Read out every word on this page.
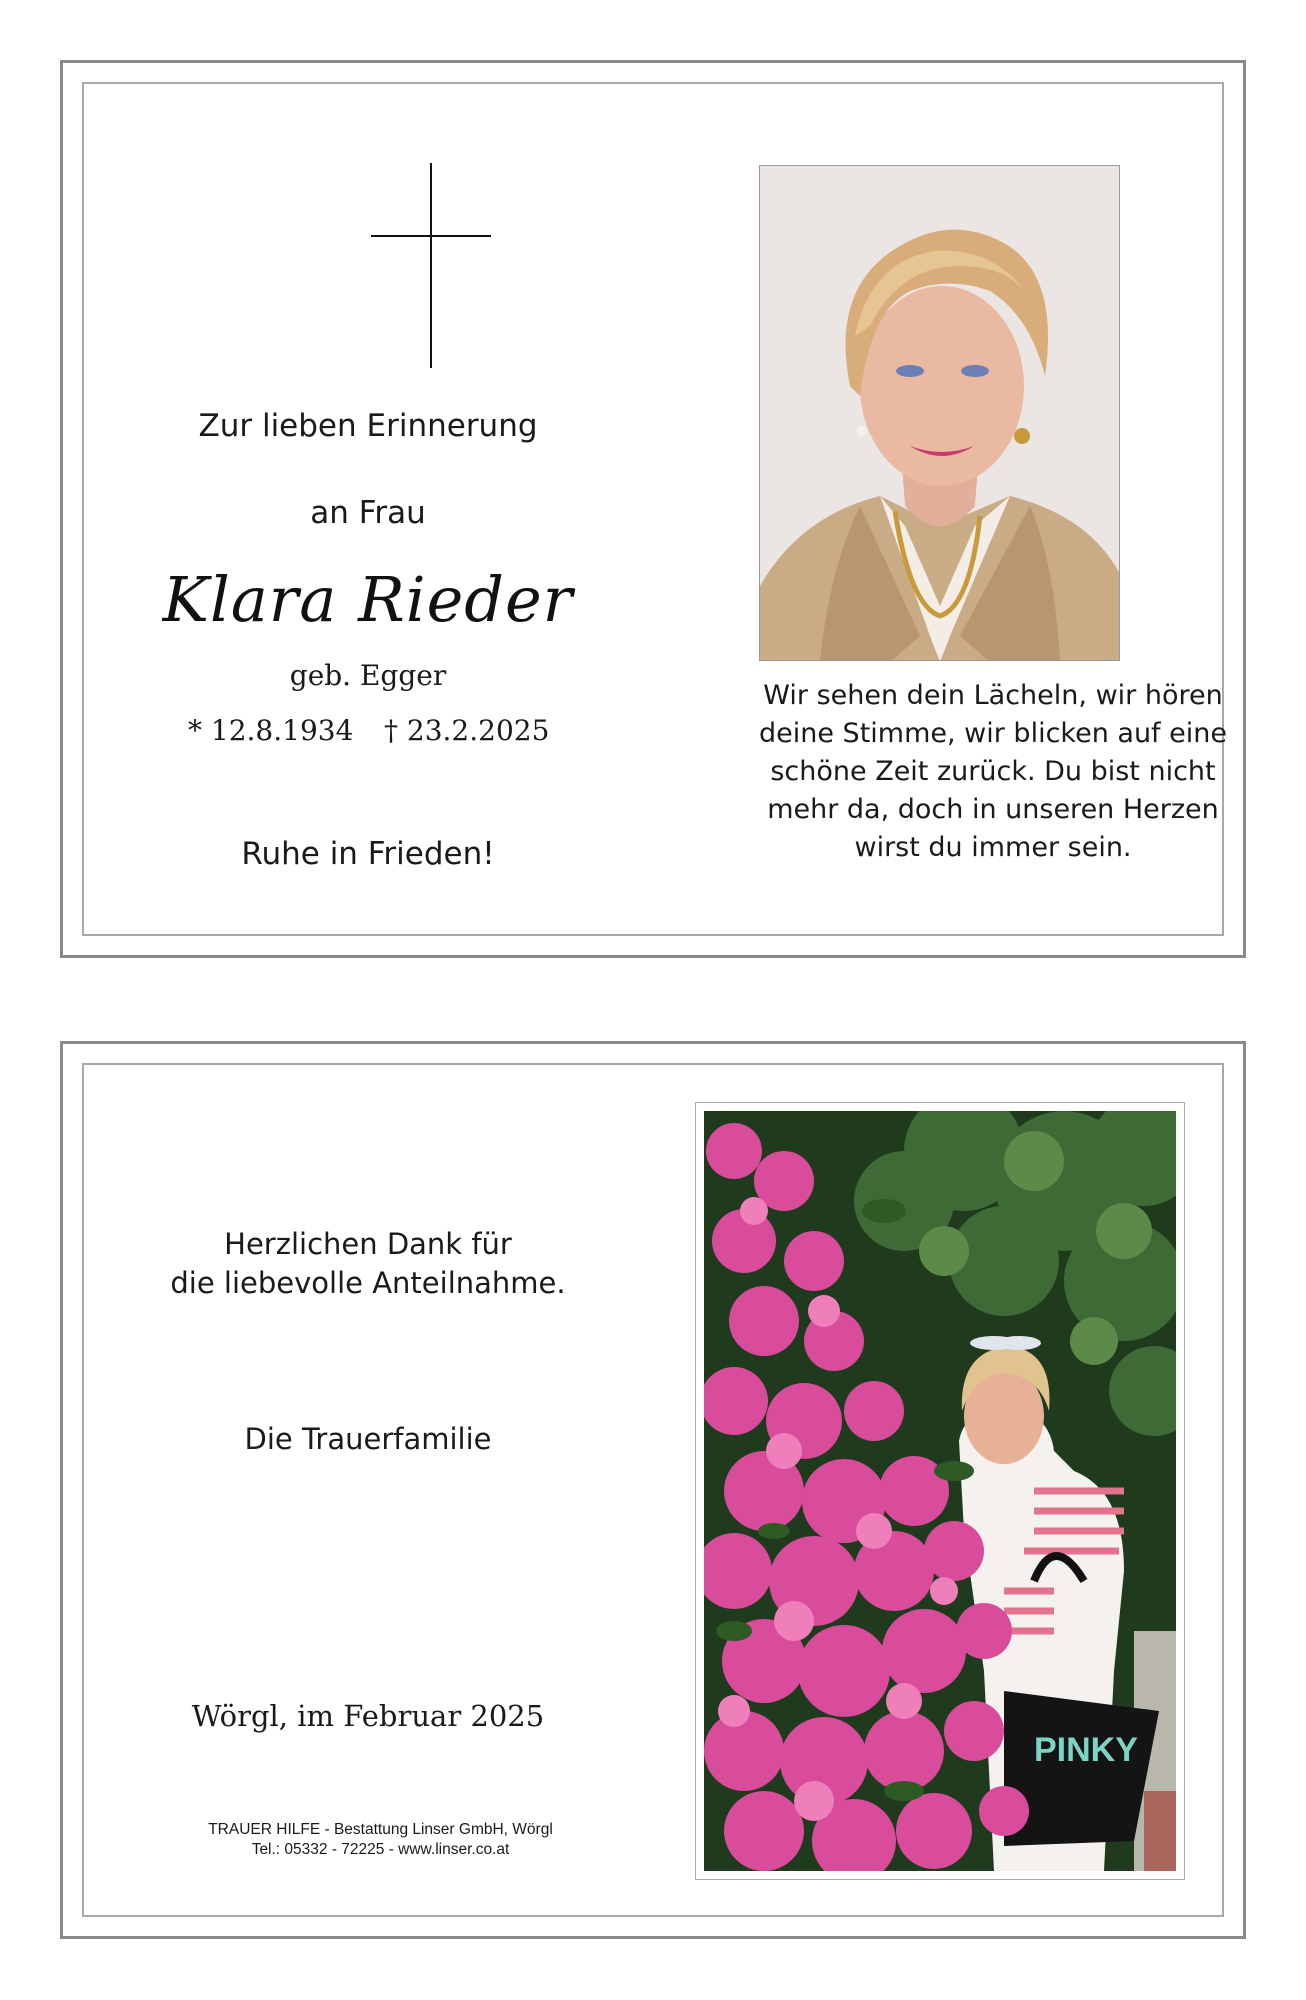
Zur lieben Erinnerung
an Frau
Klara Rieder
geb. Egger
* 12.8.1934 † 23.2.2025
Ruhe in Frieden!
Wir sehen dein Lächeln, wir hören
deine Stimme, wir blicken auf eine
schöne Zeit zurück. Du bist nicht
mehr da, doch in unseren Herzen
wirst du immer sein.
Herzlichen Dank für
die liebevolle Anteilnahme.
Die Trauerfamilie
Wörgl, im Februar 2025
TRAUER HILFE - Bestattung Linser GmbH, Wörgl
Tel.: 05332 - 72225 - www.linser.co.at
PINKY
